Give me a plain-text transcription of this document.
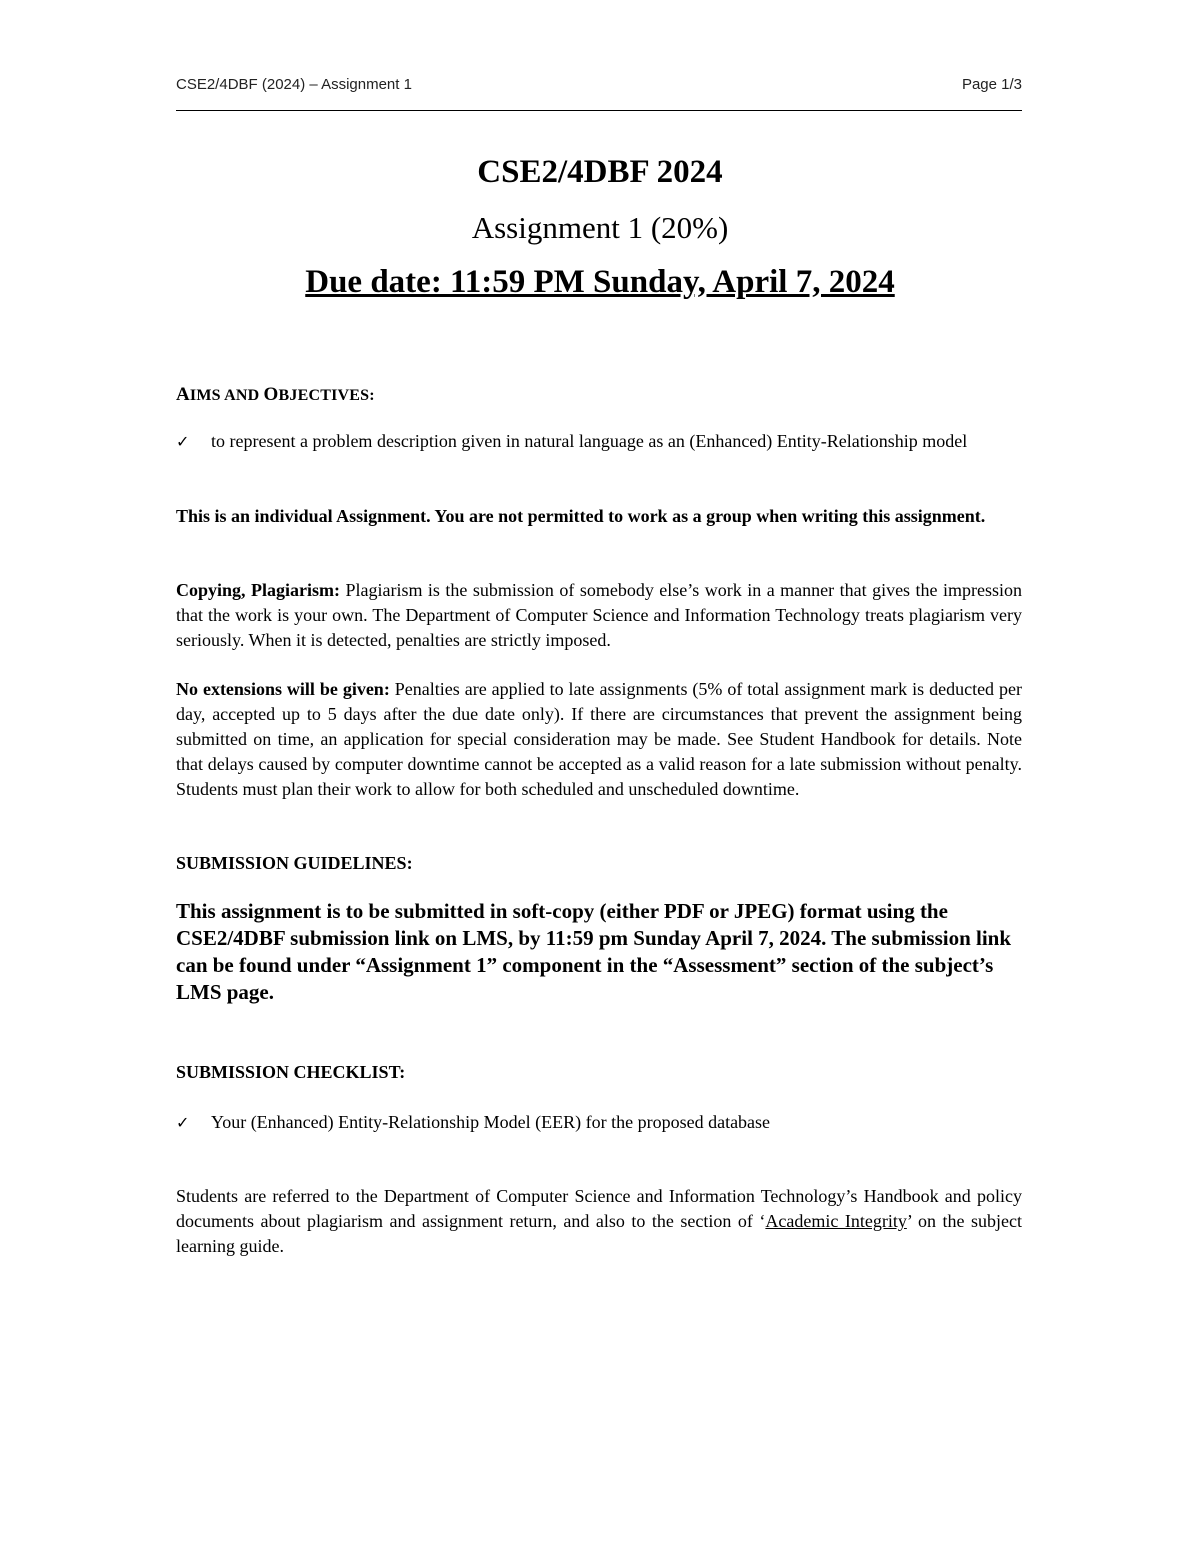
CSE2/4DBF (2024) – Assignment 1	Page 1/3
CSE2/4DBF 2024
Assignment 1 (20%)
Due date: 11:59 PM Sunday, April 7, 2024
AIMS AND OBJECTIVES:
✓	to represent a problem description given in natural language as an (Enhanced) Entity-Relationship model
This is an individual Assignment. You are not permitted to work as a group when writing this assignment.
Copying, Plagiarism: Plagiarism is the submission of somebody else’s work in a manner that gives the impression that the work is your own. The Department of Computer Science and Information Technology treats plagiarism very seriously. When it is detected, penalties are strictly imposed.
No extensions will be given: Penalties are applied to late assignments (5% of total assignment mark is deducted per day, accepted up to 5 days after the due date only). If there are circumstances that prevent the assignment being submitted on time, an application for special consideration may be made. See Student Handbook for details. Note that delays caused by computer downtime cannot be accepted as a valid reason for a late submission without penalty. Students must plan their work to allow for both scheduled and unscheduled downtime.
SUBMISSION GUIDELINES:
This assignment is to be submitted in soft-copy (either PDF or JPEG) format using the CSE2/4DBF submission link on LMS, by 11:59 pm Sunday April 7, 2024. The submission link can be found under “Assignment 1” component in the “Assessment” section of the subject’s LMS page.
SUBMISSION CHECKLIST:
✓	Your (Enhanced) Entity-Relationship Model (EER) for the proposed database
Students are referred to the Department of Computer Science and Information Technology’s Handbook and policy documents about plagiarism and assignment return, and also to the section of ‘Academic Integrity’ on the subject learning guide.
